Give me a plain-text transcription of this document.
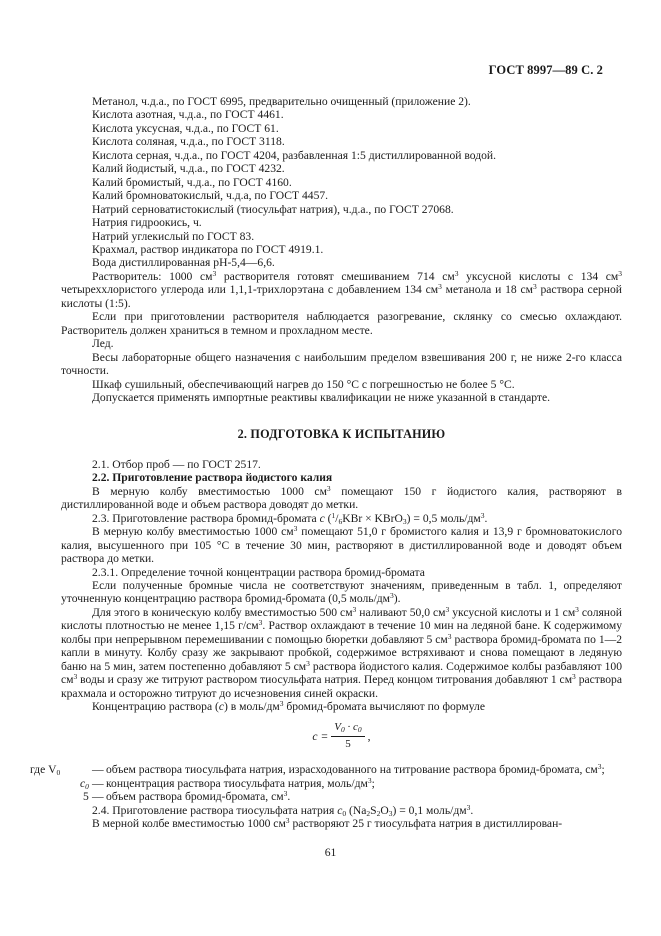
ГОСТ 8997—89 С. 2

Метанол, ч.д.а., по ГОСТ 6995, предварительно очищенный (приложение 2).

Кислота азотная, ч.д.а., по ГОСТ 4461.

Кислота уксусная, ч.д.а., по ГОСТ 61.

Кислота соляная, ч.д.а., по ГОСТ 3118.

Кислота серная, ч.д.а., по ГОСТ 4204, разбавленная 1:5 дистиллированной водой.

Калий йодистый, ч.д.а., по ГОСТ 4232.

Калий бромистый, ч.д.а., по ГОСТ 4160.

Калий бромноватокислый, ч.д.а, по ГОСТ 4457.

Натрий серноватистокислый (тиосульфат натрия), ч.д.а., по ГОСТ 27068.

Натрия гидроокись, ч.

Натрий углекислый по ГОСТ 83.

Крахмал, раствор индикатора по ГОСТ 4919.1.

Вода дистиллированная pH-5,4—6,6.

Растворитель: 1000 $см^3$ растворителя готовят смешиванием 714 $см^3$ уксусной кислоты с 134 $см^3$ четыреххлористого углерода или 1,1,1-трихлорэтана с добавлением 134 $см^3$ метанола и 18 $см^3$ раствора серной кислоты (1:5).

Если при приготовлении растворителя наблюдается разогревание, склянку со смесью охлаждают. Растворитель должен храниться в темном и прохладном месте.

Лед.

Весы лабораторные общего назначения с наибольшим пределом взвешивания 200 г, не ниже 2-го класса точности.

Шкаф сушильный, обеспечивающий нагрев до 150 °С с погрешностью не более 5 °С.

Допускается применять импортные реактивы квалификации не ниже указанной в стандарте.

2. ПОДГОТОВКА К ИСПЫТАНИЮ

2.1. Отбор проб — по ГОСТ 2517.

2.2. Приготовление раствора йодистого калия

В мерную колбу вместимостью 1000 $см^3$ помещают 150 г йодистого калия, растворяют в дистиллированной воде и объем раствора доводят до метки.

2.3. Приготовление раствора бромид-бромата c ($^1/_6KBr$ × KBrO$_3$) = 0,5 моль/$дм^3$.

В мерную колбу вместимостью 1000 $см^3$ помещают 51,0 г бромистого калия и 13,9 г бромноватокислого калия, высушенного при 105 °С в течение 30 мин, растворяют в дистиллированной воде и доводят объем раствора до метки.

2.3.1. Определение точной концентрации раствора бромид-бромата

Если полученные бромные числа не соответствуют значениям, приведенным в табл. 1, определяют уточненную концентрацию раствора бромид-бромата (0,5 моль/$дм^3$).

Для этого в коническую колбу вместимостью 500 $см^3$ наливают 50,0 $см^3$ уксусной кислоты и 1 $см^3$ соляной кислоты плотностью не менее 1,15 $г/см^3$. Раствор охлаждают в течение 10 мин на ледяной бане. К содержимому колбы при непрерывном перемешивании с помощью бюретки добавляют 5 $см^3$ раствора бромид-бромата по 1—2 капли в минуту. Колбу сразу же закрывают пробкой, содержимое встряхивают и снова помещают в ледяную баню на 5 мин, затем постепенно добавляют 5 $см^3$ раствора йодистого калия. Содержимое колбы разбавляют 100 $см^3$ воды и сразу же титруют раствором тиосульфата натрия. Перед концом титрования добавляют 1 $см^3$ раствора крахмала и осторожно титруют до исчезновения синей окраски.

Концентрацию раствора (c) в моль/$дм^3$ бромид-бромата вычисляют по формуле

$c = \frac{V_0 \cdot c_0}{5}$ ,
где $V_0$	— объем раствора тиосульфата натрия, израсходованного на титрование раствора бромид-бромата, $см^3$;
$c_0$ — концентрация раствора тиосульфата натрия, моль/$дм^3$;
5 — объем раствора бромид-бромата, $см^3$.

2.4. Приготовление раствора тиосульфата натрия $c_0$ $(Na_2S_2O_3) = 0,1$ моль/$дм^3$.

В мерной колбе вместимостью 1000 $см^3$ растворяют 25 г тиосульфата натрия в дистиллирован-

61
